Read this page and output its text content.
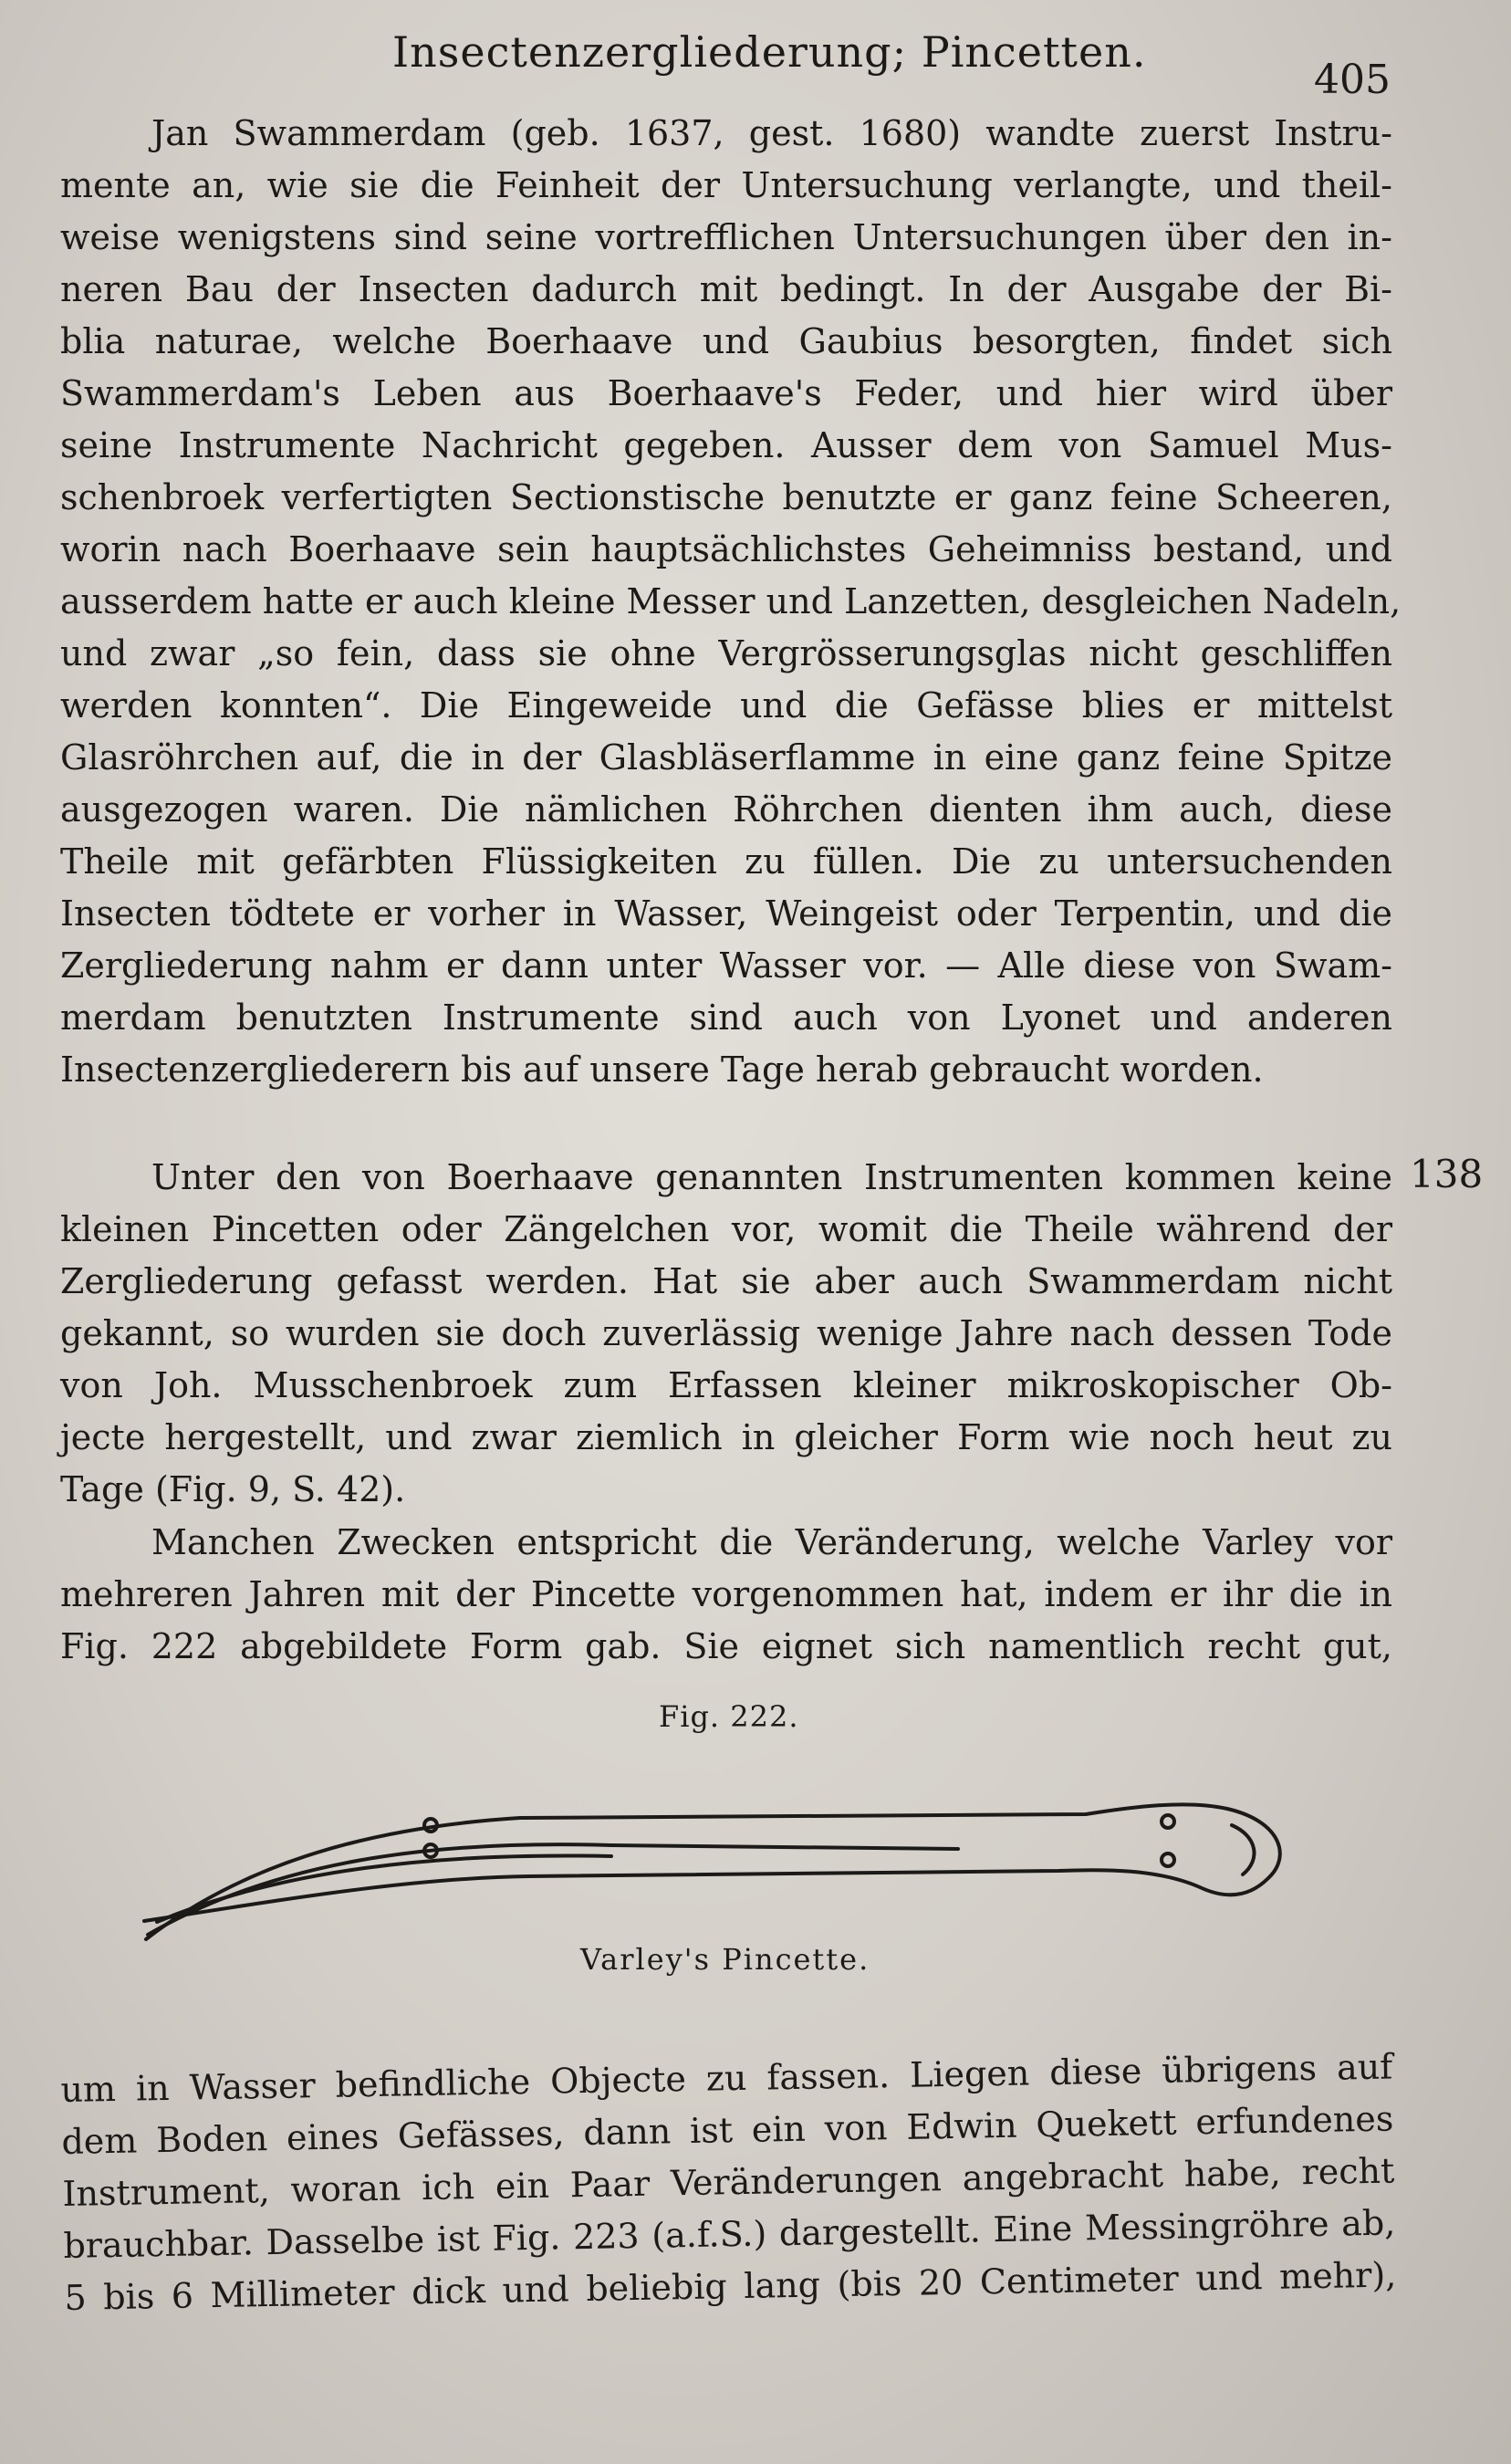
Insectenzergliederung; Pincetten.
405
Jan Swammerdam (geb. 1637, gest. 1680) wandte zuerst Instru-
mente an, wie sie die Feinheit der Untersuchung verlangte, und theil-
weise wenigstens sind seine vortrefflichen Untersuchungen über den in-
neren Bau der Insecten dadurch mit bedingt. In der Ausgabe der Bi-
blia naturae, welche Boerhaave und Gaubius besorgten, findet sich
Swammerdam's Leben aus Boerhaave's Feder, und hier wird über
seine Instrumente Nachricht gegeben. Ausser dem von Samuel Mus-
schenbroek verfertigten Sectionstische benutzte er ganz feine Scheeren,
worin nach Boerhaave sein hauptsächlichstes Geheimniss bestand, und
ausserdem hatte er auch kleine Messer und Lanzetten, desgleichen Nadeln,
und zwar „so fein, dass sie ohne Vergrösserungsglas nicht geschliffen
werden konnten“. Die Eingeweide und die Gefässe blies er mittelst
Glasröhrchen auf, die in der Glasbläserflamme in eine ganz feine Spitze
ausgezogen waren. Die nämlichen Röhrchen dienten ihm auch, diese
Theile mit gefärbten Flüssigkeiten zu füllen. Die zu untersuchenden
Insecten tödtete er vorher in Wasser, Weingeist oder Terpentin, und die
Zergliederung nahm er dann unter Wasser vor. — Alle diese von Swam-
merdam benutzten Instrumente sind auch von Lyonet und anderen
Insectenzergliederern bis auf unsere Tage herab gebraucht worden.
138
Unter den von Boerhaave genannten Instrumenten kommen keine
kleinen Pincetten oder Zängelchen vor, womit die Theile während der
Zergliederung gefasst werden. Hat sie aber auch Swammerdam nicht
gekannt, so wurden sie doch zuverlässig wenige Jahre nach dessen Tode
von Joh. Musschenbroek zum Erfassen kleiner mikroskopischer Ob-
jecte hergestellt, und zwar ziemlich in gleicher Form wie noch heut zu
Tage (Fig. 9, S. 42).
Manchen Zwecken entspricht die Veränderung, welche Varley vor
mehreren Jahren mit der Pincette vorgenommen hat, indem er ihr die in
Fig. 222 abgebildete Form gab. Sie eignet sich namentlich recht gut,
Fig. 222.
Varley's Pincette.
um in Wasser befindliche Objecte zu fassen. Liegen diese übrigens auf
dem Boden eines Gefässes, dann ist ein von Edwin Quekett erfundenes
Instrument, woran ich ein Paar Veränderungen angebracht habe, recht
brauchbar. Dasselbe ist Fig. 223 (a.f.S.) dargestellt. Eine Messingröhre ab,
5 bis 6 Millimeter dick und beliebig lang (bis 20 Centimeter und mehr),
